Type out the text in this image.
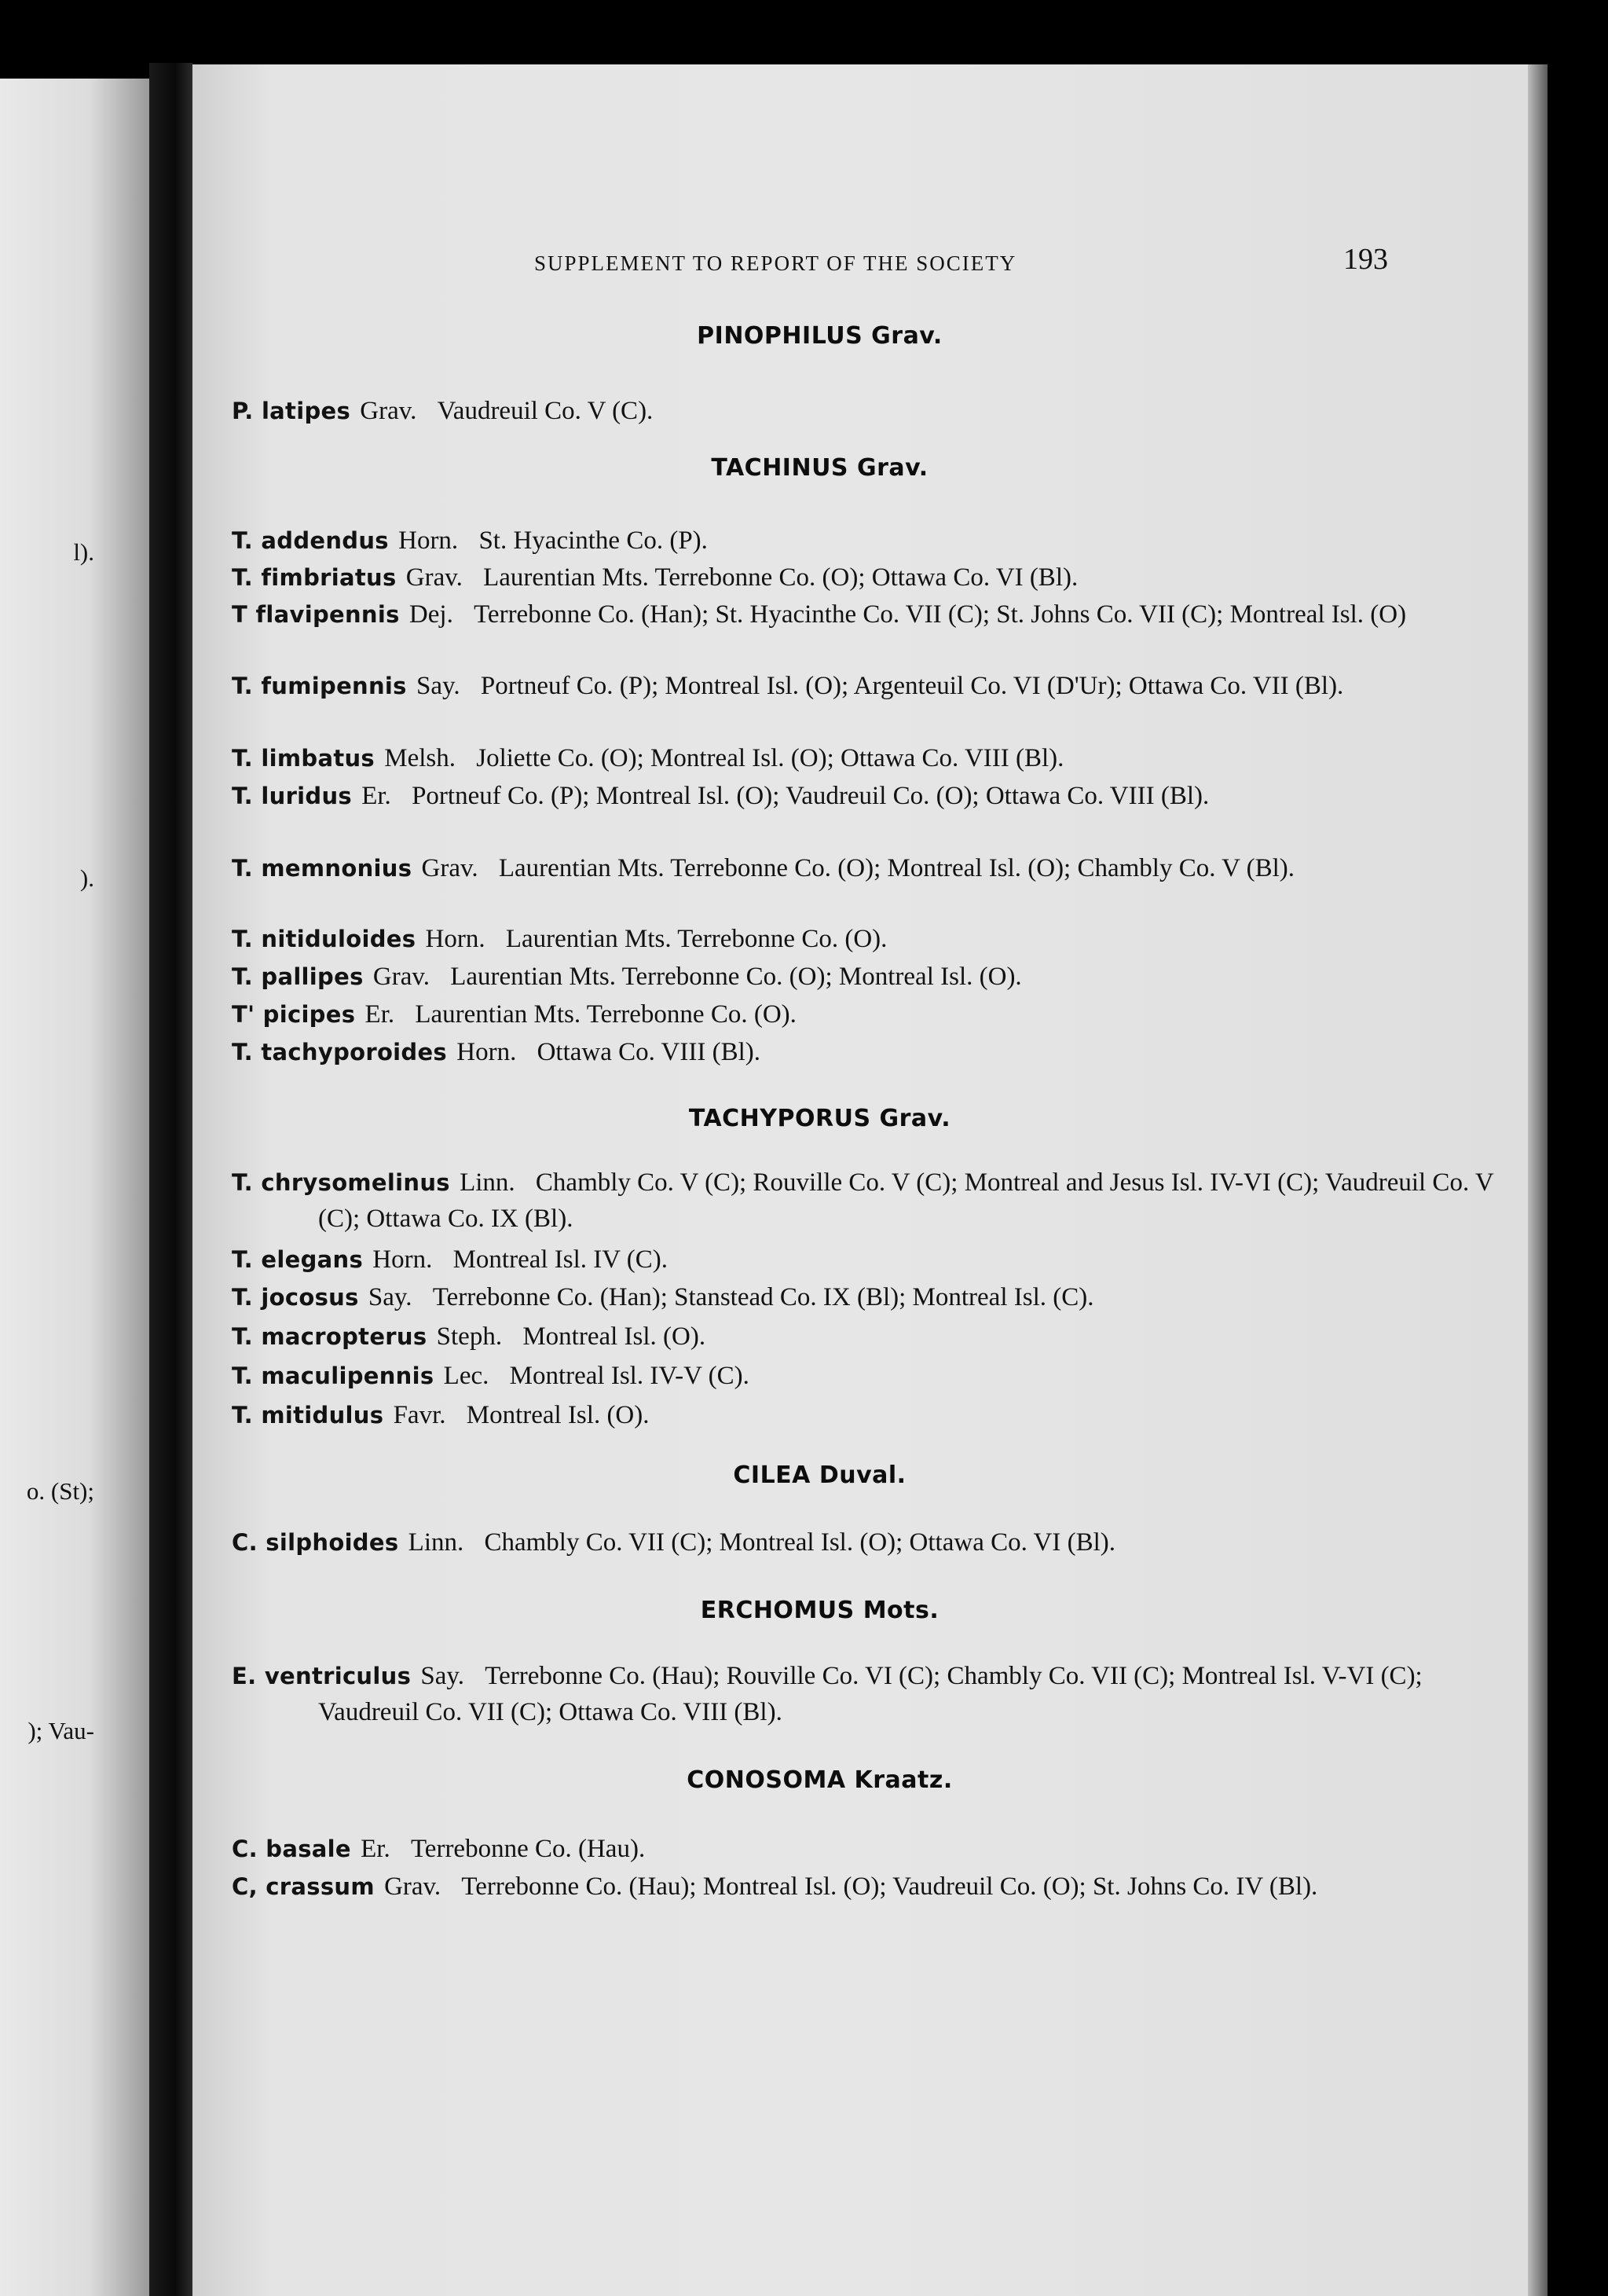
l).
).
o. (St);
); Vau-
SUPPLEMENT TO REPORT OF THE SOCIETY	193
PINOPHILUS Grav.
P. latipes Grav. Vaudreuil Co. V (C).
TACHINUS Grav.
T. addendus Horn. St. Hyacinthe Co. (P).
T. fimbriatus Grav. Laurentian Mts. Terrebonne Co. (O); Ottawa Co. VI (Bl).
T flavipennis Dej. Terrebonne Co. (Han); St. Hyacinthe Co. VII (C); St. Johns Co. VII (C); Montreal Isl. (O)
T. fumipennis Say. Portneuf Co. (P); Montreal Isl. (O); Argenteuil Co. VI (D'Ur); Ottawa Co. VII (Bl).
T. limbatus Melsh. Joliette Co. (O); Montreal Isl. (O); Ottawa Co. VIII (Bl).
T. luridus Er. Portneuf Co. (P); Montreal Isl. (O); Vaudreuil Co. (O); Ottawa Co. VIII (Bl).
T. memnonius Grav. Laurentian Mts. Terrebonne Co. (O); Montreal Isl. (O); Chambly Co. V (Bl).
T. nitiduloides Horn. Laurentian Mts. Terrebonne Co. (O).
T. pallipes Grav. Laurentian Mts. Terrebonne Co. (O); Montreal Isl. (O).
T' picipes Er. Laurentian Mts. Terrebonne Co. (O).
T. tachyporoides Horn. Ottawa Co. VIII (Bl).
TACHYPORUS Grav.
T. chrysomelinus Linn. Chambly Co. V (C); Rouville Co. V (C); Montreal and Jesus Isl. IV-VI (C); Vaudreuil Co. V (C); Ottawa Co. IX (Bl).
T. elegans Horn. Montreal Isl. IV (C).
T. jocosus Say. Terrebonne Co. (Han); Stanstead Co. IX (Bl); Montreal Isl. (C).
T. macropterus Steph. Montreal Isl. (O).
T. maculipennis Lec. Montreal Isl. IV-V (C).
T. mitidulus Favr. Montreal Isl. (O).
CILEA Duval.
C. silphoides Linn. Chambly Co. VII (C); Montreal Isl. (O); Ottawa Co. VI (Bl).
ERCHOMUS Mots.
E. ventriculus Say. Terrebonne Co. (Hau); Rouville Co. VI (C); Chambly Co. VII (C); Montreal Isl. V-VI (C); Vaudreuil Co. VII (C); Ottawa Co. VIII (Bl).
CONOSOMA Kraatz.
C. basale Er. Terrebonne Co. (Hau).
C, crassum Grav. Terrebonne Co. (Hau); Montreal Isl. (O); Vaudreuil Co. (O); St. Johns Co. IV (Bl).
